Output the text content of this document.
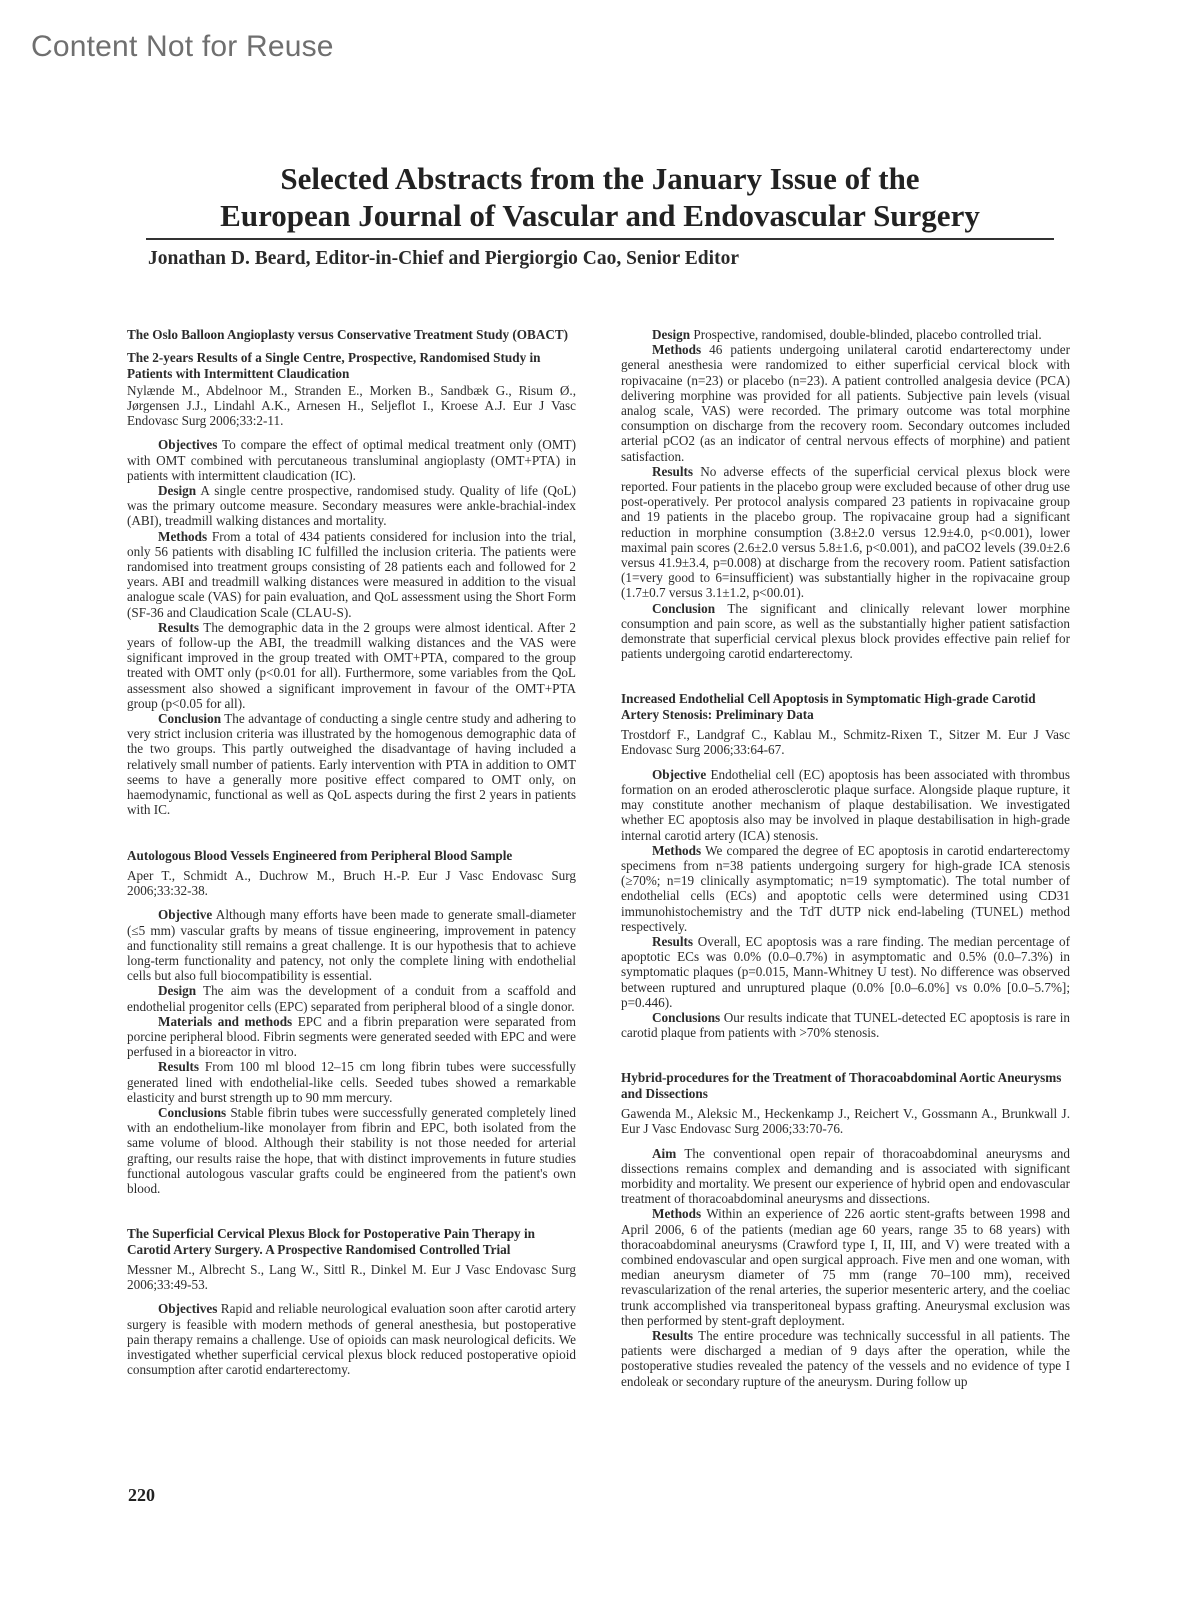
Content Not for Reuse
Selected Abstracts from the January Issue of the
European Journal of Vascular and Endovascular Surgery
Jonathan D. Beard, Editor-in-Chief and Piergiorgio Cao, Senior Editor
The Oslo Balloon Angioplasty versus Conservative Treatment Study (OBACT)
The 2-years Results of a Single Centre, Prospective, Randomised Study in Patients with Intermittent Claudication
Nylænde M., Abdelnoor M., Stranden E., Morken B., Sandbæk G., Risum Ø., Jørgensen J.J., Lindahl A.K., Arnesen H., Seljeflot I., Kroese A.J. Eur J Vasc Endovasc Surg 2006;33:2-11.

Objectives To compare the effect of optimal medical treatment only (OMT) with OMT combined with percutaneous transluminal angioplasty (OMT+PTA) in patients with intermittent claudication (IC).

Design A single centre prospective, randomised study. Quality of life (QoL) was the primary outcome measure. Secondary measures were ankle-brachial-index (ABI), treadmill walking distances and mortality.

Methods From a total of 434 patients considered for inclusion into the trial, only 56 patients with disabling IC fulfilled the inclusion criteria. The patients were randomised into treatment groups consisting of 28 patients each and followed for 2 years. ABI and treadmill walking distances were measured in addition to the visual analogue scale (VAS) for pain evaluation, and QoL assessment using the Short Form (SF-36 and Claudication Scale (CLAU-S).

Results The demographic data in the 2 groups were almost identical. After 2 years of follow-up the ABI, the treadmill walking distances and the VAS were significant improved in the group treated with OMT+PTA, compared to the group treated with OMT only (p<0.01 for all). Furthermore, some variables from the QoL assessment also showed a significant improvement in favour of the OMT+PTA group (p<0.05 for all).

Conclusion The advantage of conducting a single centre study and adhering to very strict inclusion criteria was illustrated by the homogenous demographic data of the two groups. This partly outweighed the disadvantage of having included a relatively small number of patients. Early intervention with PTA in addition to OMT seems to have a generally more positive effect compared to OMT only, on haemodynamic, functional as well as QoL aspects during the first 2 years in patients with IC.

Autologous Blood Vessels Engineered from Peripheral Blood Sample
Aper T., Schmidt A., Duchrow M., Bruch H.-P. Eur J Vasc Endovasc Surg 2006;33:32-38.

Objective Although many efforts have been made to generate small-diameter (≤5 mm) vascular grafts by means of tissue engineering, improvement in patency and functionality still remains a great challenge. It is our hypothesis that to achieve long-term functionality and patency, not only the complete lining with endothelial cells but also full biocompatibility is essential.

Design The aim was the development of a conduit from a scaffold and endothelial progenitor cells (EPC) separated from peripheral blood of a single donor.

Materials and methods EPC and a fibrin preparation were separated from porcine peripheral blood. Fibrin segments were generated seeded with EPC and were perfused in a bioreactor in vitro.

Results From 100 ml blood 12–15 cm long fibrin tubes were successfully generated lined with endothelial-like cells. Seeded tubes showed a remarkable elasticity and burst strength up to 90 mm mercury.

Conclusions Stable fibrin tubes were successfully generated completely lined with an endothelium-like monolayer from fibrin and EPC, both isolated from the same volume of blood. Although their stability is not those needed for arterial grafting, our results raise the hope, that with distinct improvements in future studies functional autologous vascular grafts could be engineered from the patient's own blood.

The Superficial Cervical Plexus Block for Postoperative Pain Therapy in Carotid Artery Surgery. A Prospective Randomised Controlled Trial
Messner M., Albrecht S., Lang W., Sittl R., Dinkel M. Eur J Vasc Endovasc Surg 2006;33:49-53.

Objectives Rapid and reliable neurological evaluation soon after carotid artery surgery is feasible with modern methods of general anesthesia, but postoperative pain therapy remains a challenge. Use of opioids can mask neurological deficits. We investigated whether superficial cervical plexus block reduced postoperative opioid consumption after carotid endarterectomy.

Design Prospective, randomised, double-blinded, placebo controlled trial.

Methods 46 patients undergoing unilateral carotid endarterectomy under general anesthesia were randomized to either superficial cervical block with ropivacaine (n=23) or placebo (n=23). A patient controlled analgesia device (PCA) delivering morphine was provided for all patients. Subjective pain levels (visual analog scale, VAS) were recorded. The primary outcome was total morphine consumption on discharge from the recovery room. Secondary outcomes included arterial pCO2 (as an indicator of central nervous effects of morphine) and patient satisfaction.

Results No adverse effects of the superficial cervical plexus block were reported. Four patients in the placebo group were excluded because of other drug use post-operatively. Per protocol analysis compared 23 patients in ropivacaine group and 19 patients in the placebo group. The ropivacaine group had a significant reduction in morphine consumption (3.8±2.0 versus 12.9±4.0, p<0.001), lower maximal pain scores (2.6±2.0 versus 5.8±1.6, p<0.001), and paCO2 levels (39.0±2.6 versus 41.9±3.4, p=0.008) at discharge from the recovery room. Patient satisfaction (1=very good to 6=insufficient) was substantially higher in the ropivacaine group (1.7±0.7 versus 3.1±1.2, p<00.01).

Conclusion The significant and clinically relevant lower morphine consumption and pain score, as well as the substantially higher patient satisfaction demonstrate that superficial cervical plexus block provides effective pain relief for patients undergoing carotid endarterectomy.

Increased Endothelial Cell Apoptosis in Symptomatic High-grade Carotid Artery Stenosis: Preliminary Data
Trostdorf F., Landgraf C., Kablau M., Schmitz-Rixen T., Sitzer M. Eur J Vasc Endovasc Surg 2006;33:64-67.

Objective Endothelial cell (EC) apoptosis has been associated with thrombus formation on an eroded atherosclerotic plaque surface. Alongside plaque rupture, it may constitute another mechanism of plaque destabilisation. We investigated whether EC apoptosis also may be involved in plaque destabilisation in high-grade internal carotid artery (ICA) stenosis.

Methods We compared the degree of EC apoptosis in carotid endarterectomy specimens from n=38 patients undergoing surgery for high-grade ICA stenosis (≥70%; n=19 clinically asymptomatic; n=19 symptomatic). The total number of endothelial cells (ECs) and apoptotic cells were determined using CD31 immunohistochemistry and the TdT dUTP nick end-labeling (TUNEL) method respectively.

Results Overall, EC apoptosis was a rare finding. The median percentage of apoptotic ECs was 0.0% (0.0–0.7%) in asymptomatic and 0.5% (0.0–7.3%) in symptomatic plaques (p=0.015, Mann-Whitney U test). No difference was observed between ruptured and unruptured plaque (0.0% [0.0–6.0%] vs 0.0% [0.0–5.7%]; p=0.446).

Conclusions Our results indicate that TUNEL-detected EC apoptosis is rare in carotid plaque from patients with >70% stenosis.

Hybrid-procedures for the Treatment of Thoracoabdominal Aortic Aneurysms and Dissections
Gawenda M., Aleksic M., Heckenkamp J., Reichert V., Gossmann A., Brunkwall J. Eur J Vasc Endovasc Surg 2006;33:70-76.

Aim The conventional open repair of thoracoabdominal aneurysms and dissections remains complex and demanding and is associated with significant morbidity and mortality. We present our experience of hybrid open and endovascular treatment of thoracoabdominal aneurysms and dissections.

Methods Within an experience of 226 aortic stent-grafts between 1998 and April 2006, 6 of the patients (median age 60 years, range 35 to 68 years) with thoracoabdominal aneurysms (Crawford type I, II, III, and V) were treated with a combined endovascular and open surgical approach. Five men and one woman, with median aneurysm diameter of 75 mm (range 70–100 mm), received revascularization of the renal arteries, the superior mesenteric artery, and the coeliac trunk accomplished via transperitoneal bypass grafting. Aneurysmal exclusion was then performed by stent-graft deployment.

Results The entire procedure was technically successful in all patients. The patients were discharged a median of 9 days after the operation, while the postoperative studies revealed the patency of the vessels and no evidence of type I endoleak or secondary rupture of the aneurysm. During follow up

220
